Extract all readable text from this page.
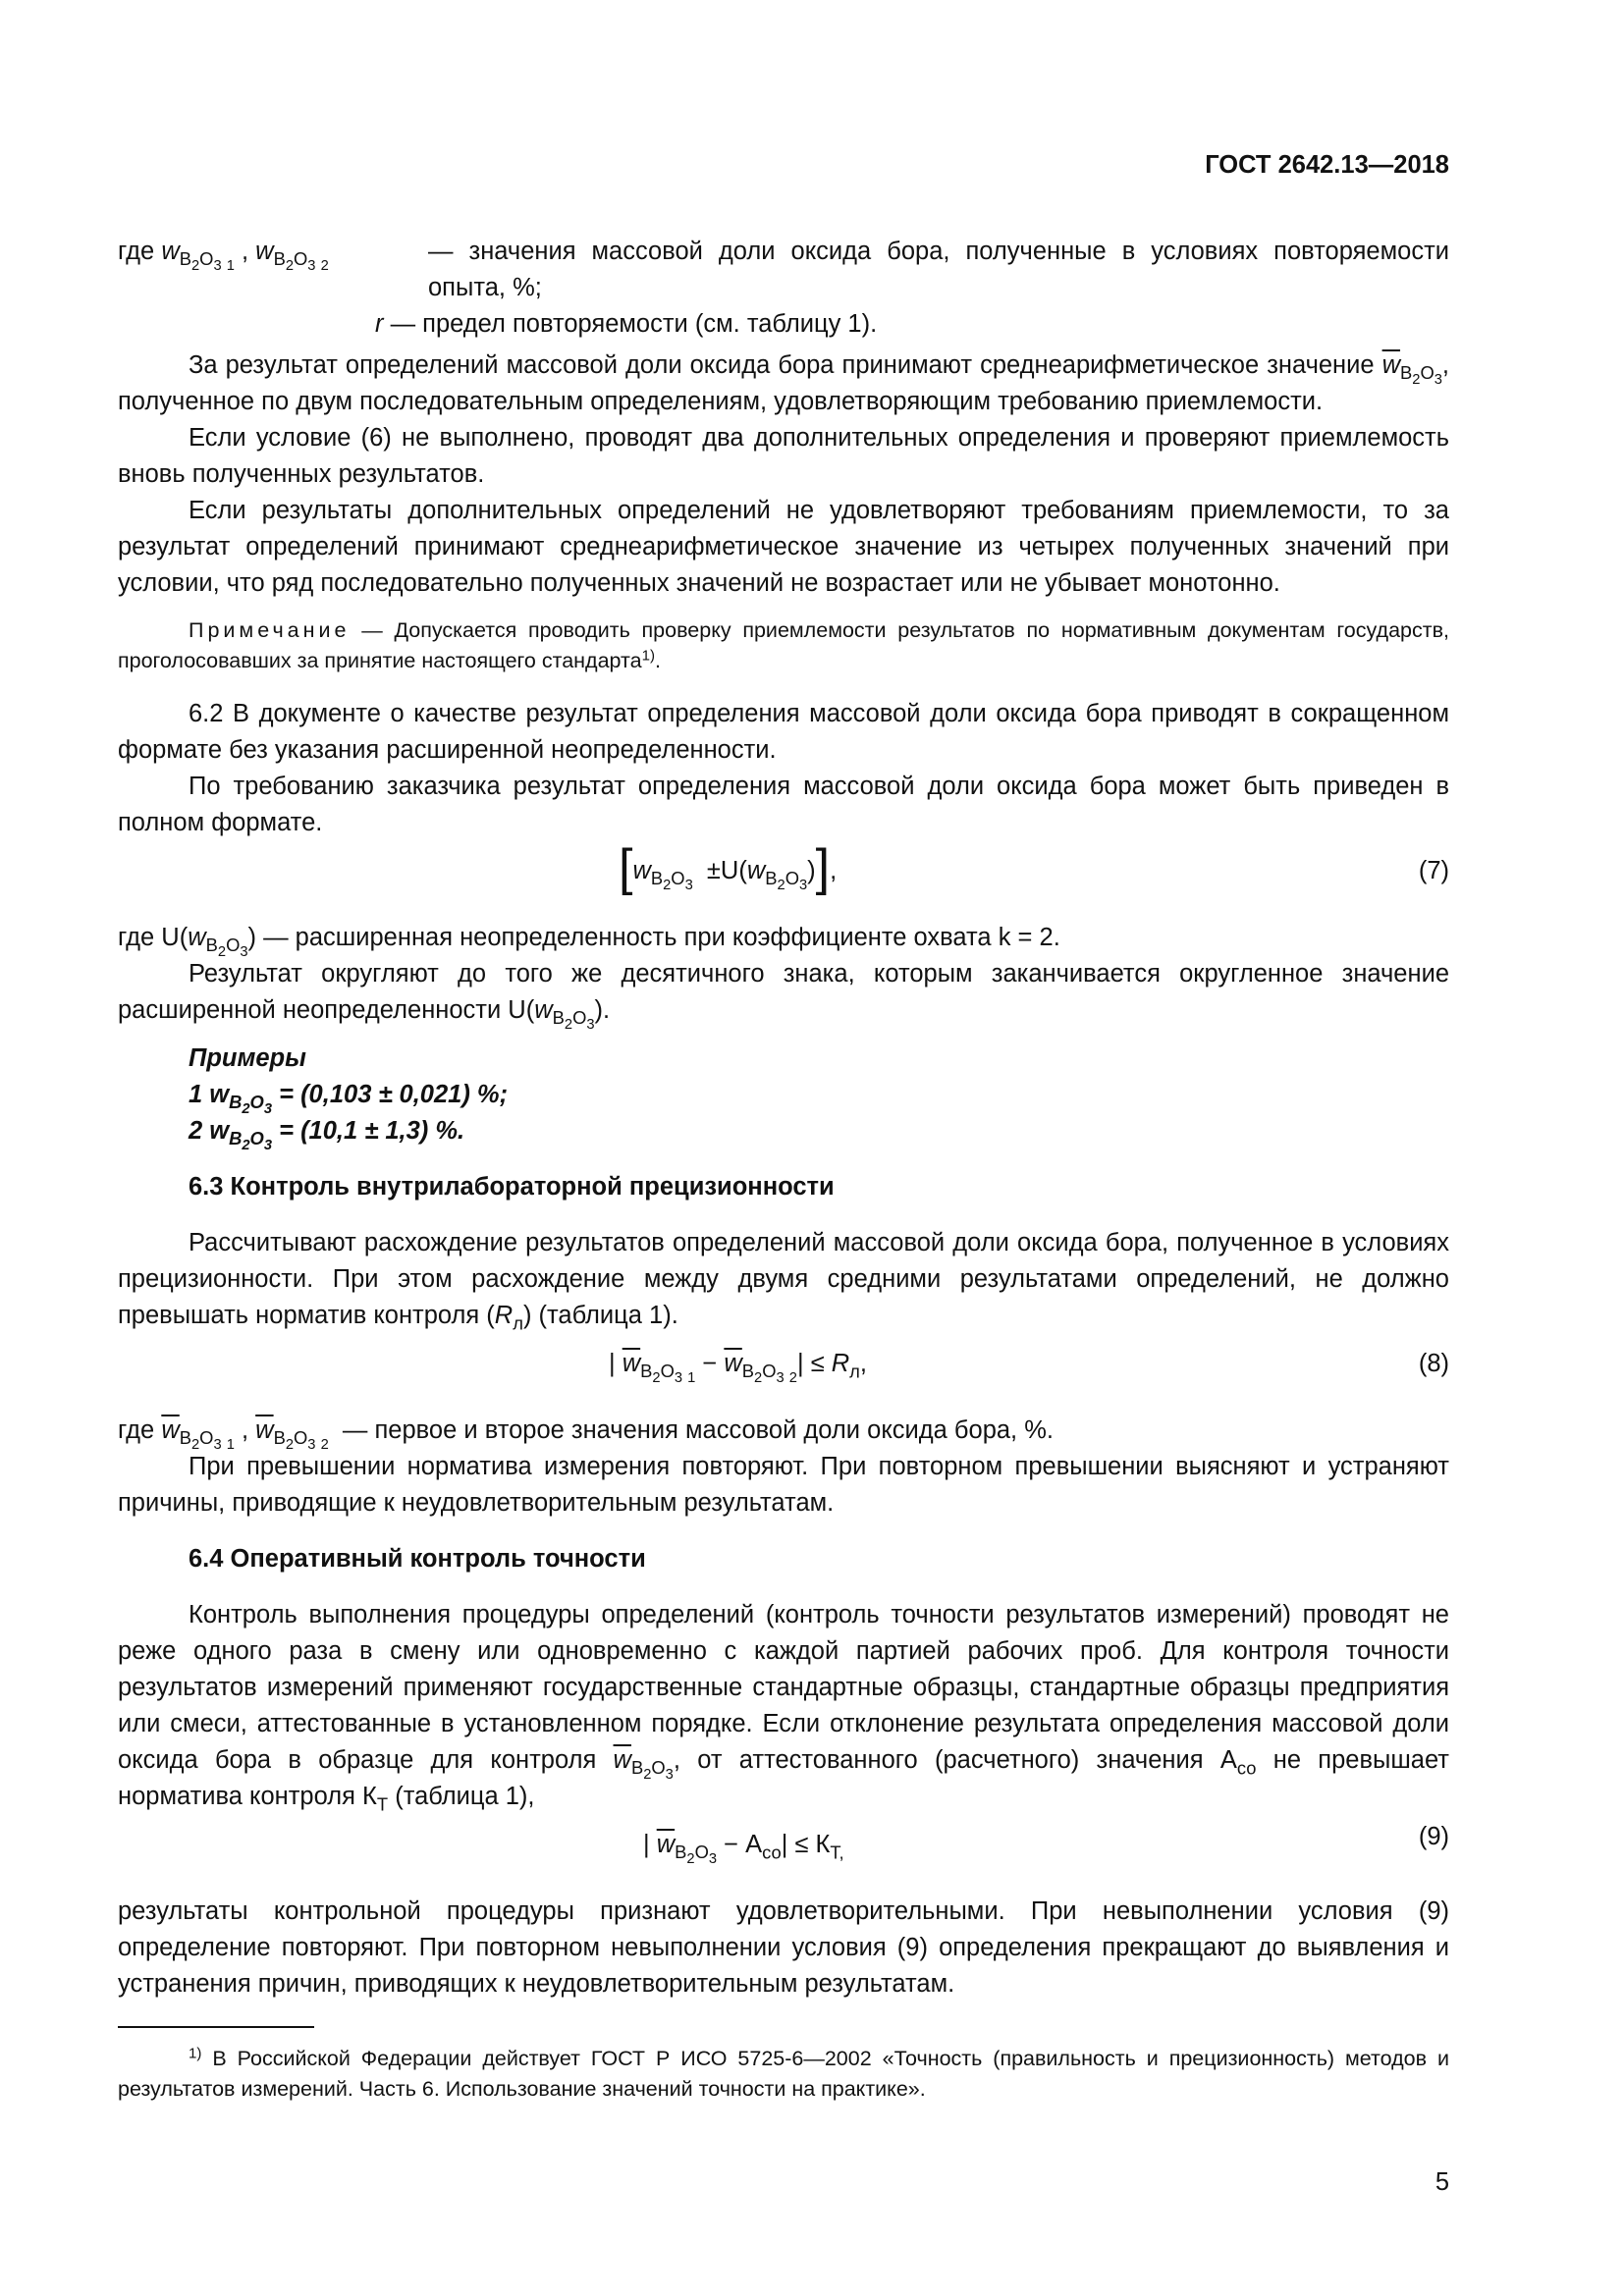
ГОСТ 2642.13—2018
где $w_{B_2O_3 _1}$ , $w_{B_2O_3 _2}$
— значения массовой доли оксида бора, полученные в условиях повторяемости опыта, %;
r — предел повторяемости (см. таблицу 1).

За результат определений массовой доли оксида бора принимают среднеарифметическое значение $\overline{w}_{B_2O_3}$, полученное по двум последовательным определениям, удовлетворяющим требованию приемлемости.

Если условие (6) не выполнено, проводят два дополнительных определения и проверяют приемлемость вновь полученных результатов.

Если результаты дополнительных определений не удовлетворяют требованиям приемлемости, то за результат определений принимают среднеарифметическое значение из четырех полученных значений при условии, что ряд последовательно полученных значений не возрастает или не убывает монотонно.

Примечание — Допускается проводить проверку приемлемости результатов по нормативным документам государств, проголосовавших за принятие настоящего стандарта$^{1)}$.

6.2 В документе о качестве результат определения массовой доли оксида бора приводят в сокращенном формате без указания расширенной неопределенности.

По требованию заказчика результат определения массовой доли оксида бора может быть приведен в полном формате.

$[w_{B_2O_3} \pm U(w_{B_2O_3})]$,	(7)

где $U(w_{B_2O_3})$ — расширенная неопределенность при коэффициенте охвата k = 2.

Результат округляют до того же десятичного знака, которым заканчивается округленное значение расширенной неопределенности $U(w_{B_2O_3})$.

Примеры

1 $w_{B_2O_3} = (0,103 \pm 0,021)$ %;

2 $w_{B_2O_3} = (10,1 \pm 1,3)$ %.

6.3 Контроль внутрилабораторной прецизионности

Рассчитывают расхождение результатов определений массовой доли оксида бора, полученное в условиях прецизионности. При этом расхождение между двумя средними результатами определений, не должно превышать норматив контроля $(R_л)$ (таблица 1).

| $\overline{w}_{B_2O_3 _1} - \overline{w}_{B_2O_3 _2}| \le R_л$,	(8)

где $\overline{w}_{B_2O_3 _1}$ , $\overline{w}_{B_2O_3 _2}$  — первое и второе значения массовой доли оксида бора, %.

При превышении норматива измерения повторяют. При повторном превышении выясняют и устраняют причины, приводящие к неудовлетворительным результатам.

6.4 Оперативный контроль точности

Контроль выполнения процедуры определений (контроль точности результатов измерений) проводят не реже одного раза в смену или одновременно с каждой партией рабочих проб. Для контроля точности результатов измерений применяют государственные стандартные образцы, стандартные образцы предприятия или смеси, аттестованные в установленном порядке. Если отклонение результата определения массовой доли оксида бора в образце для контроля $\overline{w}_{B_2O_3}$, от аттестованного (расчетного) значения $А_{со}$ не превышает норматива контроля $К_Т$ (таблица 1),

| $\overline{w}_{B_2O_3} - А_{со}| \le К_{Т,}$
(9)

результаты контрольной процедуры признают удовлетворительными. При невыполнении условия (9) определение повторяют. При повторном невыполнении условия (9) определения прекращают до выявления и устранения причин, приводящих к неудовлетворительным результатам.

$^{1)}$ В Российской Федерации действует ГОСТ Р ИСО 5725-6—2002 «Точность (правильность и прецизионность) методов и результатов измерений. Часть 6. Использование значений точности на практике».

5
